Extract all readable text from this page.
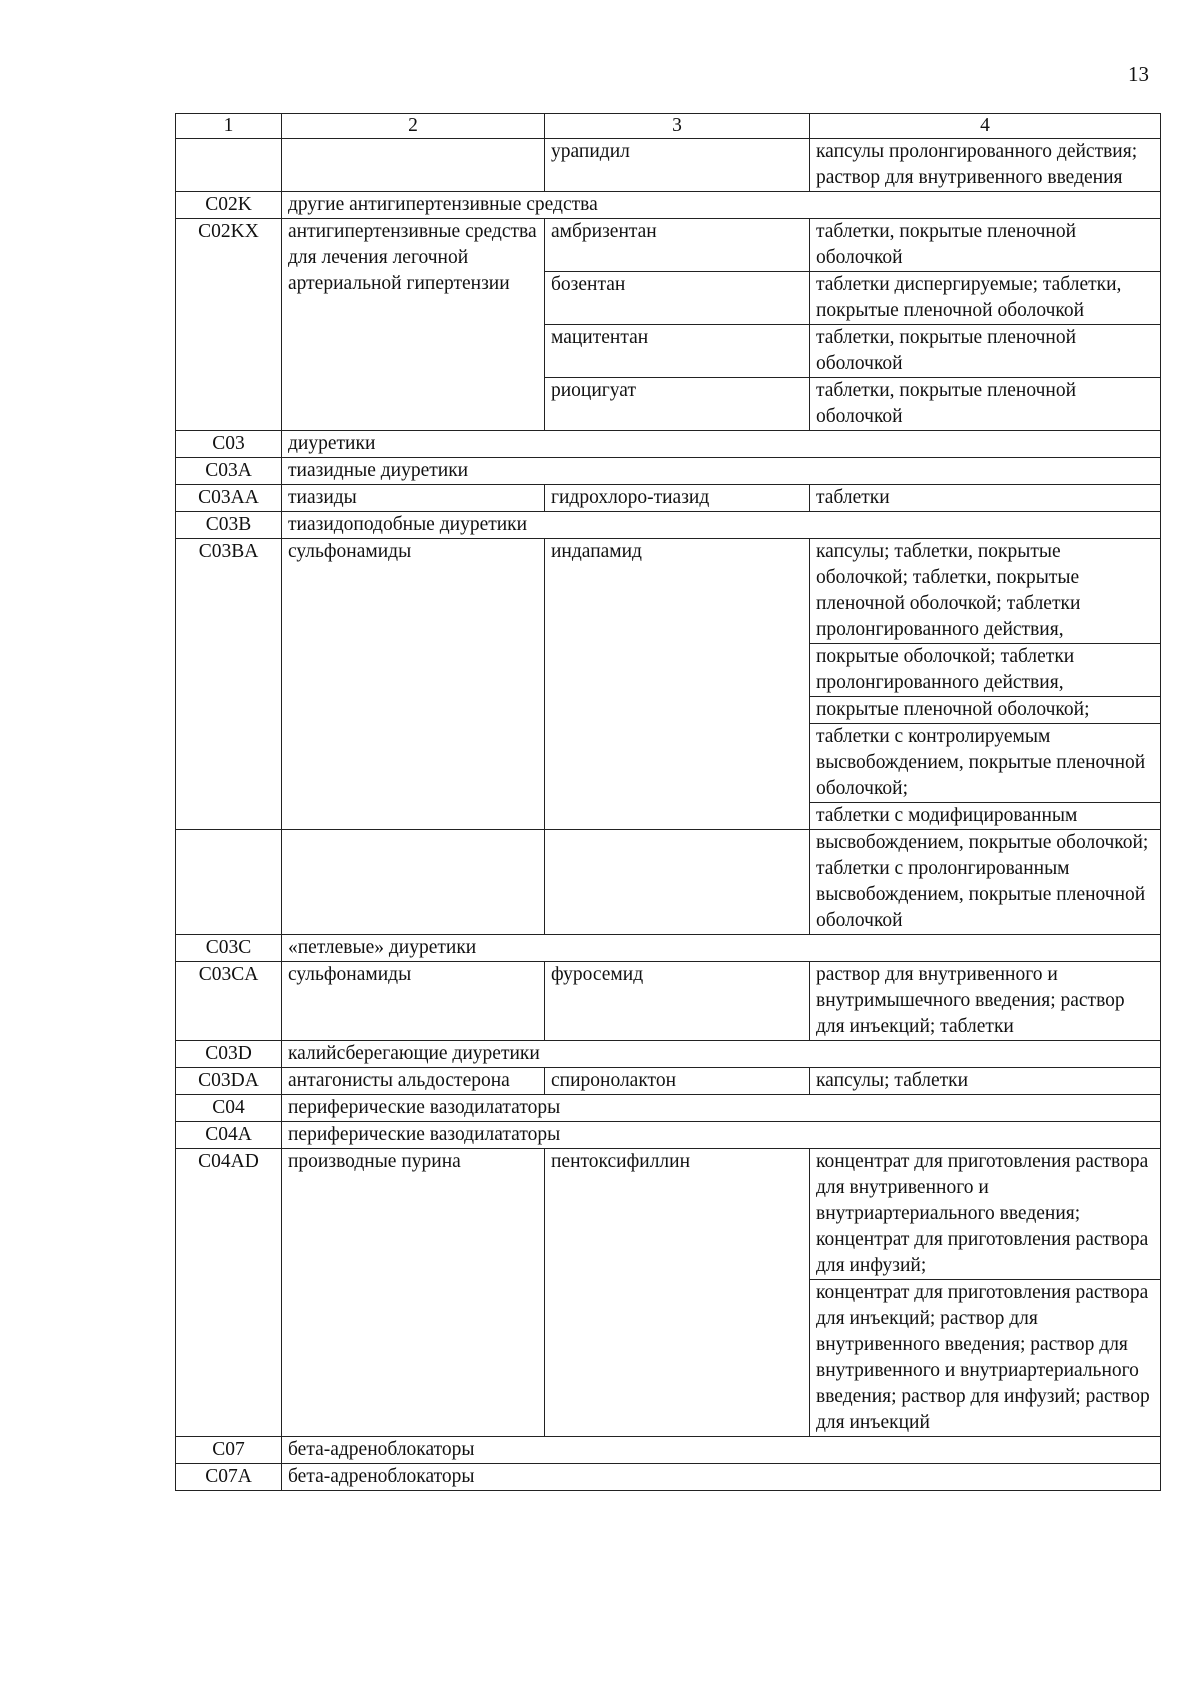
13
1	2	3	4
		урапидил	капсулы пролонгированного действия; раствор для внутривенного введения
C02K	другие антигипертензивные средства		
C02KX	антигипертензивные средства для лечения легочной артериальной гипертензии	амбризентан	таблетки, покрытые пленочной оболочкой
		бозентан	таблетки диспергируемые; таблетки, покрытые пленочной оболочкой
		мацитентан	таблетки, покрытые пленочной оболочкой
		риоцигуат	таблетки, покрытые пленочной оболочкой
C03	диуретики		
C03A	тиазидные диуретики		
C03AA	тиазиды	гидрохлоро-тиазид	таблетки
C03B	тиазидоподобные диуретики		
C03BA	сульфонамиды	индапамид	капсулы; таблетки, покрытые оболочкой; таблетки, покрытые пленочной оболочкой; таблетки пролонгированного действия,
			покрытые оболочкой; таблетки пролонгированного действия,
			покрытые пленочной оболочкой;
			таблетки с контролируемым высвобождением, покрытые пленочной оболочкой;
			таблетки с модифицированным
			высвобождением, покрытые оболочкой; таблетки с пролонгированным высвобождением, покрытые пленочной оболочкой
C03C	«петлевые» диуретики		
C03CA	сульфонамиды	фуросемид	раствор для внутривенного и внутримышечного введения; раствор для инъекций; таблетки
C03D	калийсберегающие диуретики		
C03DA	антагонисты альдостерона	спиронолактон	капсулы; таблетки
C04	периферические вазодилататоры		
C04A	периферические вазодилататоры		
C04AD	производные пурина	пентоксифиллин	концентрат для приготовления раствора для внутривенного и внутриартериального введения; концентрат для приготовления раствора для инфузий;
			концентрат для приготовления раствора для инъекций; раствор для внутривенного введения; раствор для внутривенного и внутриартериального введения; раствор для инфузий; раствор для инъекций
C07	бета-адреноблокаторы		
C07A	бета-адреноблокаторы		
